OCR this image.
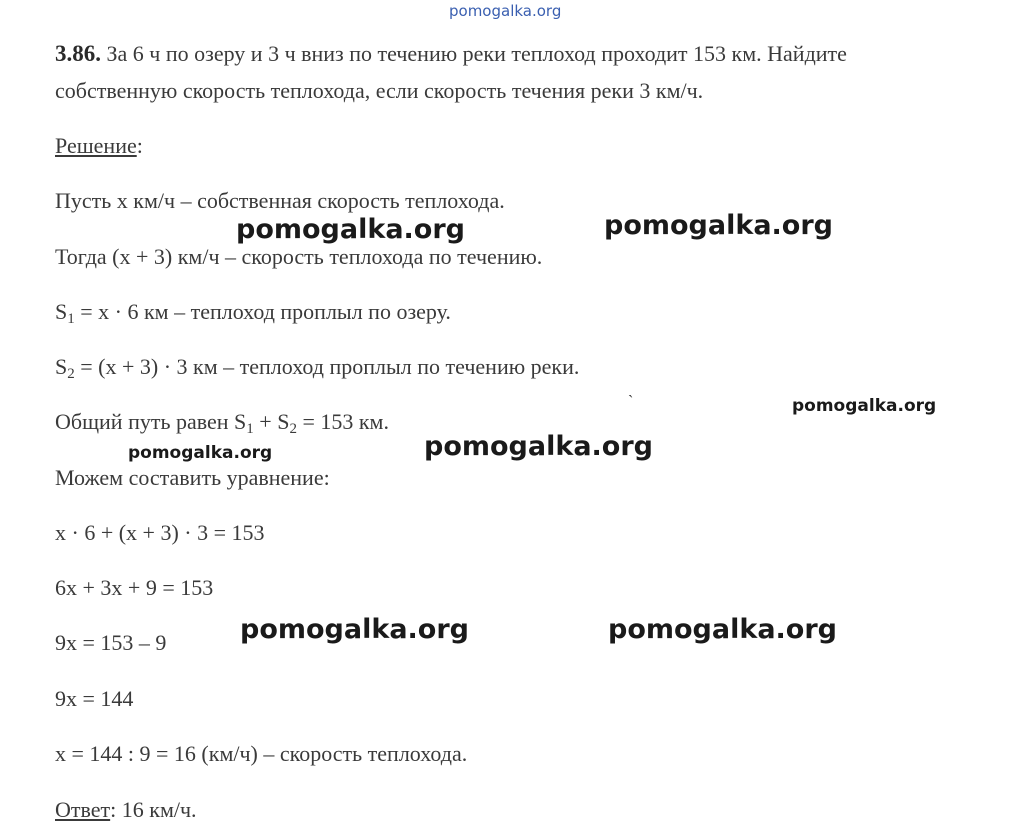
pomogalka.org
pomogalka.org	pomogalka.org
pomogalka.org
pomogalka.org
pomogalka.org
pomogalka.org	pomogalka.org
3.86. За 6 ч по озеру и 3 ч вниз по течению реки теплоход проходит 153 км. Найдите
собственную скорость теплохода, если скорость течения реки 3 км/ч.
Решение:
Пусть x км/ч – собственная скорость теплохода.
Тогда (x + 3) км/ч – скорость теплохода по течению.
$S_1 = x \cdot 6$ км – теплоход проплыл по озеру.
$S_2 = (x + 3) \cdot 3$ км – теплоход проплыл по течению реки.
Общий путь равен $S_1 + S_2 = 153$ км.
Можем составить уравнение:
x · 6 + (x + 3) · 3 = 153
6x + 3x + 9 = 153
9x = 153 – 9
9x = 144
x = 144 : 9 = 16 (км/ч) – скорость теплохода.
Ответ: 16 км/ч.
`
